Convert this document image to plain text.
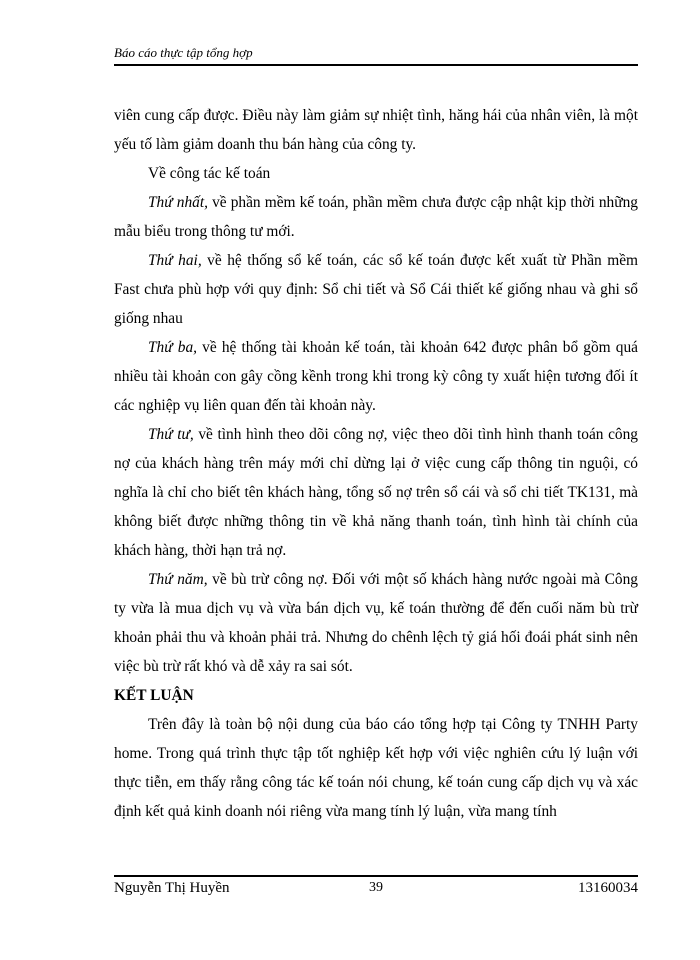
Báo cáo thực tập tổng hợp

viên cung cấp được. Điều này làm giảm sự nhiệt tình, hăng hái của nhân viên, là một yếu tố làm giảm doanh thu bán hàng của công ty.

Về công tác kế toán

Thứ nhất, về phần mềm kế toán, phần mềm chưa được cập nhật kịp thời những mẫu biểu trong thông tư mới.

Thứ hai, về hệ thống sổ kế toán, các sổ kế toán được kết xuất từ Phần mềm Fast chưa phù hợp với quy định: Sổ chi tiết và Sổ Cái thiết kế giống nhau và ghi sổ giống nhau

Thứ ba, về hệ thống tài khoản kế toán, tài khoản 642 được phân bổ gồm quá nhiều tài khoản con gây cồng kềnh trong khi trong kỳ công ty xuất hiện tương đối ít các nghiệp vụ liên quan đến tài khoản này.

Thứ tư, về tình hình theo dõi công nợ, việc theo dõi tình hình thanh toán công nợ của khách hàng trên máy mới chỉ dừng lại ở việc cung cấp thông tin nguội, có nghĩa là chỉ cho biết tên khách hàng, tổng số nợ trên sổ cái và sổ chi tiết TK131, mà không biết được những thông tin về khả năng thanh toán, tình hình tài chính của khách hàng, thời hạn trả nợ.

Thứ năm, về bù trừ công nợ. Đối với một số khách hàng nước ngoài mà Công ty vừa là mua dịch vụ và vừa bán dịch vụ, kế toán thường để đến cuối năm bù trừ khoản phải thu và khoản phải trả. Nhưng do chênh lệch tỷ giá hối đoái phát sinh nên việc bù trừ rất khó và dễ xảy ra sai sót.

KẾT LUẬN

Trên đây là toàn bộ nội dung của báo cáo tổng hợp tại Công ty TNHH Party home. Trong quá trình thực tập tốt nghiệp kết hợp với việc nghiên cứu lý luận với thực tiễn, em thấy rằng công tác kế toán nói chung, kế toán cung cấp dịch vụ và xác định kết quả kinh doanh nói riêng vừa mang tính lý luận, vừa mang tính

Nguyễn Thị Huyền	39	13160034
